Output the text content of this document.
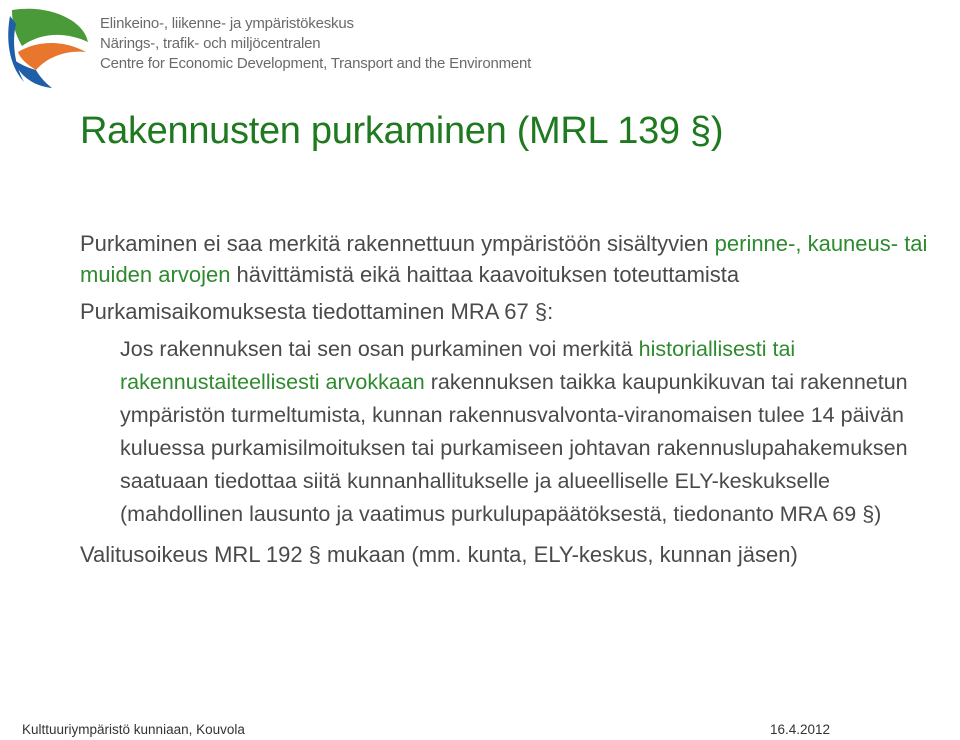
Elinkeino-, liikenne- ja ympäristökeskus
Närings-, trafik- och miljöcentralen
Centre for Economic Development, Transport and the Environment
Rakennusten purkaminen (MRL 139 §)
Purkaminen ei saa merkitä rakennettuun ympäristöön sisältyvien perinne-, kauneus- tai muiden arvojen hävittämistä eikä haittaa kaavoituksen toteuttamista
Purkamisaikomuksesta tiedottaminen MRA 67 §:
Jos rakennuksen tai sen osan purkaminen voi merkitä historiallisesti tai rakennustaiteellisesti arvokkaan rakennuksen taikka kaupunkikuvan tai rakennetun ympäristön turmeltumista, kunnan rakennusvalvonta-viranomaisen tulee 14 päivän kuluessa purkamisilmoituksen tai purkamiseen johtavan rakennuslupahakemuksen saatuaan tiedottaa siitä kunnanhallitukselle ja alueelliselle ELY-keskukselle (mahdollinen lausunto ja vaatimus purkulupapäätöksestä, tiedonanto MRA 69 §)
Valitusoikeus MRL 192 § mukaan (mm. kunta, ELY-keskus, kunnan jäsen)
Kulttuuriympäristö kunniaan, Kouvola	16.4.2012
